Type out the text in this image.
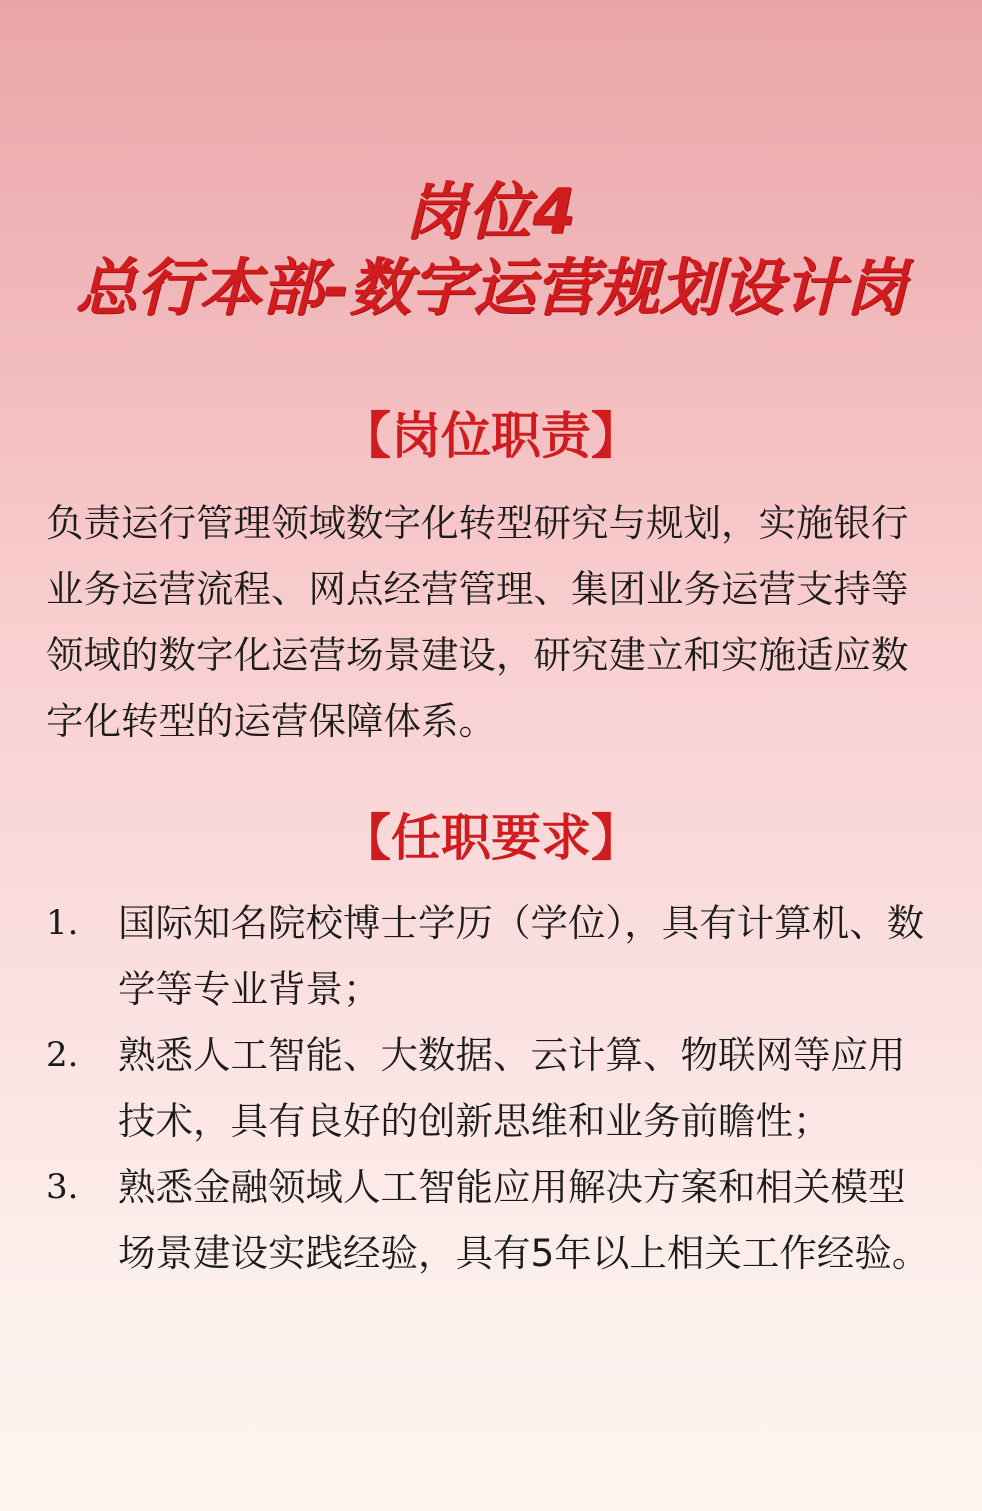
岗位4
总行本部-数字运营规划设计岗
【岗位职责】

负责运行管理领域数字化转型研究与规划，实施银行业务运营流程、网点经营管理、集团业务运营支持等领域的数字化运营场景建设，研究建立和实施适应数字化转型的运营保障体系。

【任职要求】
1. 国际知名院校博士学历（学位），具有计算机、数学等专业背景；
2. 熟悉人工智能、大数据、云计算、物联网等应用技术，具有良好的创新思维和业务前瞻性；
3. 熟悉金融领域人工智能应用解决方案和相关模型场景建设实践经验，具有5年以上相关工作经验。
